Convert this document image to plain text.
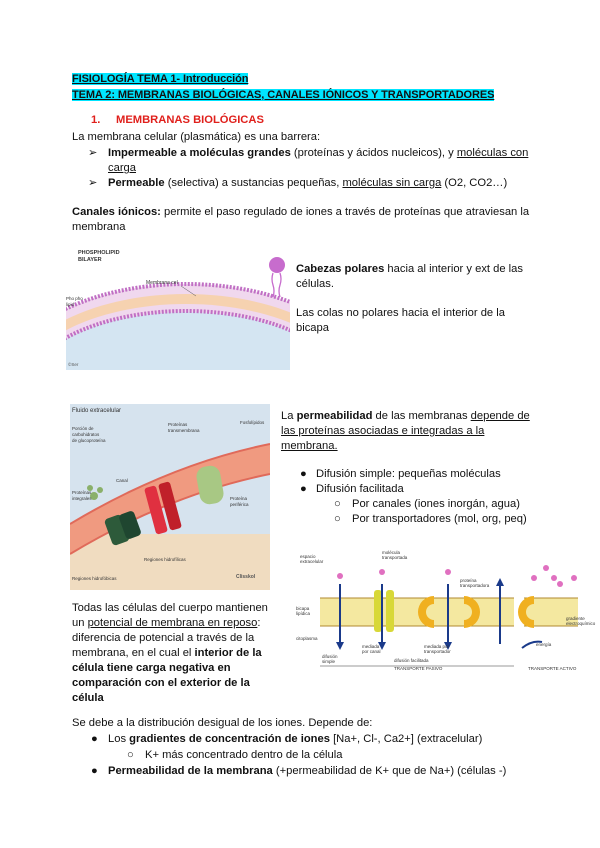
FISIOLOGÍA TEMA 1- Introducción
TEMA 2: MEMBRANAS BIOLÓGICAS, CANALES IÓNICOS Y TRANSPORTADORES
1. MEMBRANAS BIOLÓGICAS
La membrana celular (plasmática) es una barrera:
➢ Impermeable a moléculas grandes (proteínas y ácidos nucleicos), y moléculas con
carga
➢ Permeable (selectiva) a sustancias pequeñas, moléculas sin carga (O2, CO2…)
Canales iónicos: permite el paso regulado de iones a través de proteínas que atraviesan la
membrana
PHOSPHOLIPID
BILAYER
Membrana cel
Pho pho
lipid
©Ser
Cabezas polares hacia al interior y ext de las
células.
Las colas no polares hacia el interior de la
bicapa
Fluido extracelular
Porción de
carbohidratos
de glucoproteína
Proteínas
transmembrana
Fosfolípidos
Canal
Proteínas
integrales	Proteína
periférica
Regiones hidrofílicas
Regiones hidrofóbicas	Clisskol
La permeabilidad de las membranas depende de
las proteínas asociadas e integradas a la
membrana.
● Difusión simple: pequeñas moléculas
● Difusión facilitada
○ Por canales (iones inorgán, agua)
○ Por transportadores (mol, org, peq)
espacio
extracelular
molécula
transportada
proteína
transportadora
bicapa
lipídica
citoplasma
gradiente
electroquímico
mediada
por canal
mediada por
transportador
energía
difusión
simple	difusión facilitada
TRANSPORTE PASIVO	TRANSPORTE ACTIVO
Todas las células del cuerpo mantienen
un potencial de membrana en reposo:
diferencia de potencial a través de la
membrana, en el cual el interior de la
célula tiene carga negativa en
comparación con el exterior de la
célula
Se debe a la distribución desigual de los iones. Depende de:
● Los gradientes de concentración de iones [Na+, Cl-, Ca2+] (extracelular)
○ K+ más concentrado dentro de la célula
● Permeabilidad de la membrana (+permeabilidad de K+ que de Na+) (células -)
